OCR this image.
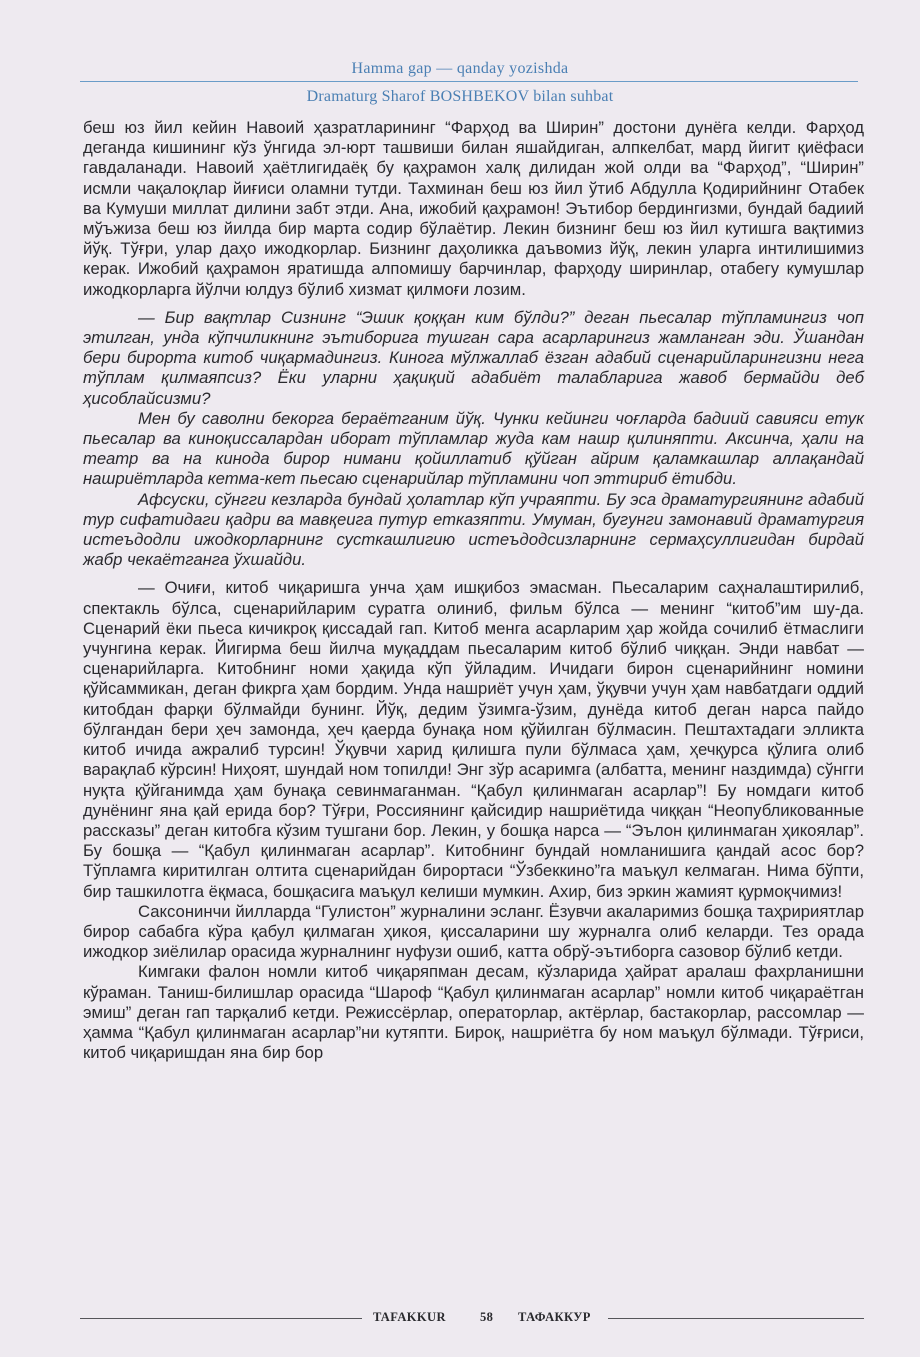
Hamma gap — qanday yozishda
Dramaturg Sharof BOSHBEKOV bilan suhbat

беш юз йил кейин Навоий ҳазратларининг “Фарҳод ва Ширин” достони дунёга келди. Фарҳод деганда кишининг кўз ўнгида эл-юрт ташвиши билан яшайдиган, алпкелбат, мард йигит қиёфаси гавдаланади. Навоий ҳаётлигидаёқ бу қаҳрамон халқ дилидан жой олди ва “Фарҳод”, “Ширин” исмли чақалоқлар йиғиси оламни тутди. Тахминан беш юз йил ўтиб Абдулла Қодирийнинг Отабек ва Кумуши миллат дилини забт этди. Ана, ижобий қаҳрамон! Эътибор бердингизми, бундай бадиий мўъжиза беш юз йилда бир марта содир бўлаётир. Лекин бизнинг беш юз йил кутишга вақтимиз йўқ. Тўғри, улар даҳо ижодкорлар. Бизнинг даҳоликка даъвомиз йўқ, лекин уларга интилишимиз керак. Ижобий қаҳрамон яратишда алпомишу барчинлар, фарҳоду ширинлар, отабегу кумушлар ижодкорларга йўлчи юлдуз бўлиб хизмат қилмоғи лозим.

— Бир вақтлар Сизнинг “Эшик қоққан ким бўлди?” деган пьесалар тўпламингиз чоп этилган, унда кўпчиликнинг эътиборига тушган сара асарларингиз жамланган эди. Ўшандан бери бирорта китоб чиқармадингиз. Кинога мўлжаллаб ёзган адабий сценарийларингизни нега тўплам қилмаяпсиз? Ёки уларни ҳақиқий адабиёт талабларига жавоб бермайди деб ҳисоблайсизми?

Мен бу саволни бекорга бераётганим йўқ. Чунки кейинги чоғларда бадиий савияси етук пьесалар ва киноқиссалардан иборат тўпламлар жуда кам нашр қилиняпти. Аксинча, ҳали на театр ва на кинода бирор нимани қойиллатиб қўйган айрим қаламкашлар аллақандай нашриётларда кетма-кет пьесаю сценарийлар тўпламини чоп эттириб ётибди.

Афсуски, сўнгги кезларда бундай ҳолатлар кўп учраяпти. Бу эса драматургиянинг адабий тур сифатидаги қадри ва мавқеига путур етказяпти. Умуман, бугунги замонавий драматургия истеъдодли ижодкорларнинг сусткашлигию истеъдодсизларнинг сермаҳсуллигидан бирдай жабр чекаётганга ўхшайди.

— Очиғи, китоб чиқаришга унча ҳам ишқибоз эмасман. Пьесаларим саҳналаштирилиб, спектакль бўлса, сценарийларим суратга олиниб, фильм бўлса — менинг “китоб”им шу-да. Сценарий ёки пьеса кичикроқ қиссадай гап. Китоб менга асарларим ҳар жойда сочилиб ётмаслиги учунгина керак. Йигирма беш йилча муқаддам пьесаларим китоб бўлиб чиққан. Энди навбат — сценарийларга. Китобнинг номи ҳақида кўп ўйладим. Ичидаги бирон сценарийнинг номини қўйсаммикан, деган фикрга ҳам бордим. Унда нашриёт учун ҳам, ўқувчи учун ҳам навбатдаги оддий китобдан фарқи бўлмайди бунинг. Йўқ, дедим ўзимга-ўзим, дунёда китоб деган нарса пайдо бўлгандан бери ҳеч замонда, ҳеч қаерда бунақа ном қўйилган бўлмасин. Пештахтадаги элликта китоб ичида ажралиб турсин! Ўқувчи харид қилишга пули бўлмаса ҳам, ҳечқурса қўлига олиб варақлаб кўрсин! Ниҳоят, шундай ном топилди! Энг зўр асаримга (албатта, менинг наздимда) сўнгги нуқта қўйганимда ҳам бунақа севинмаганман. “Қабул қилинмаган асарлар”! Бу номдаги китоб дунёнинг яна қай ерида бор? Тўғри, Россиянинг қайсидир нашриётида чиққан “Неопубликованные рассказы” деган китобга кўзим тушгани бор. Лекин, у бошқа нарса — “Эълон қилинмаган ҳикоялар”. Бу бошқа — “Қабул қилинмаган асарлар”. Китобнинг бундай номланишига қандай асос бор? Тўпламга киритилган олтита сценарийдан бирортаси “Ўзбеккино”га маъқул келмаган. Нима бўпти, бир ташкилотга ёқмаса, бошқасига маъқул келиши мумкин. Ахир, биз эркин жамият қурмоқчимиз!

Саксонинчи йилларда “Гулистон” журналини эсланг. Ёзувчи акаларимиз бошқа таҳририятлар бирор сабабга кўра қабул қилмаган ҳикоя, қиссаларини шу журналга олиб келарди. Тез орада ижодкор зиёлилар орасида журналнинг нуфузи ошиб, катта обрў-эътиборга сазовор бўлиб кетди.

Кимгаки фалон номли китоб чиқаряпман десам, кўзларида ҳайрат аралаш фахрланишни кўраман. Таниш-билишлар орасида “Шароф “Қабул қилинмаган асарлар” номли китоб чиқараётган эмиш” деган гап тарқалиб кетди. Режиссёрлар, операторлар, актёрлар, бастакорлар, рассомлар — ҳамма “Қабул қилинмаган асарлар”ни кутяпти. Бироқ, нашриётга бу ном маъқул бўлмади. Тўғриси, китоб чиқаришдан яна бир бор

TAFAKKUR	58 ТАФАККУР
